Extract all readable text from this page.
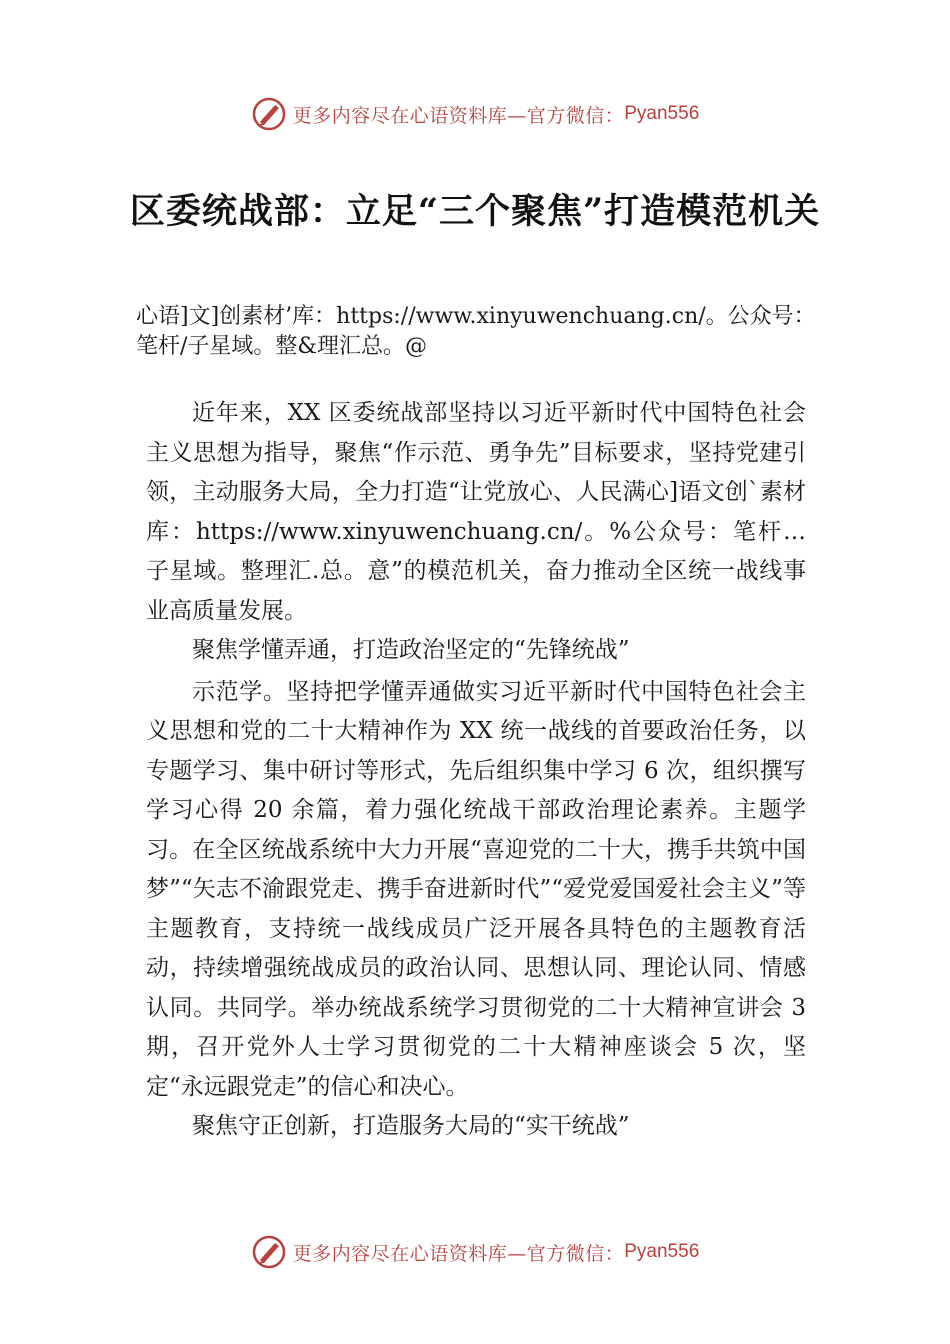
更多内容尽在心语资料库—官方微信： Pyan556
区委统战部：立足“三个聚焦”打造模范机关
心语]文]创素材’库：https://www.xinyuwenchuang.cn/。公众号：笔杆/子星域。整&理汇总。@

近年来，XX 区委统战部坚持以习近平新时代中国特色社会主义思想为指导，聚焦“作示范、勇争先”目标要求，坚持党建引领，主动服务大局，全力打造“让党放心、人民满心]语文创`素材库：https://www.xinyuwenchuang.cn/。%公众号：笔杆…子星域。整理汇.总。意”的模范机关，奋力推动全区统一战线事业高质量发展。

聚焦学懂弄通，打造政治坚定的“先锋统战”

示范学。坚持把学懂弄通做实习近平新时代中国特色社会主义思想和党的二十大精神作为 XX 统一战线的首要政治任务，以专题学习、集中研讨等形式，先后组织集中学习 6 次，组织撰写学习心得 20 余篇，着力强化统战干部政治理论素养。主题学习。在全区统战系统中大力开展“喜迎党的二十大，携手共筑中国梦”“矢志不渝跟党走、携手奋进新时代”“爱党爱国爱社会主义”等主题教育，支持统一战线成员广泛开展各具特色的主题教育活动，持续增强统战成员的政治认同、思想认同、理论认同、情感认同。共同学。举办统战系统学习贯彻党的二十大精神宣讲会 3 期，召开党外人士学习贯彻党的二十大精神座谈会 5 次，坚定“永远跟党走”的信心和决心。

聚焦守正创新，打造服务大局的“实干统战”

更多内容尽在心语资料库—官方微信： Pyan556
